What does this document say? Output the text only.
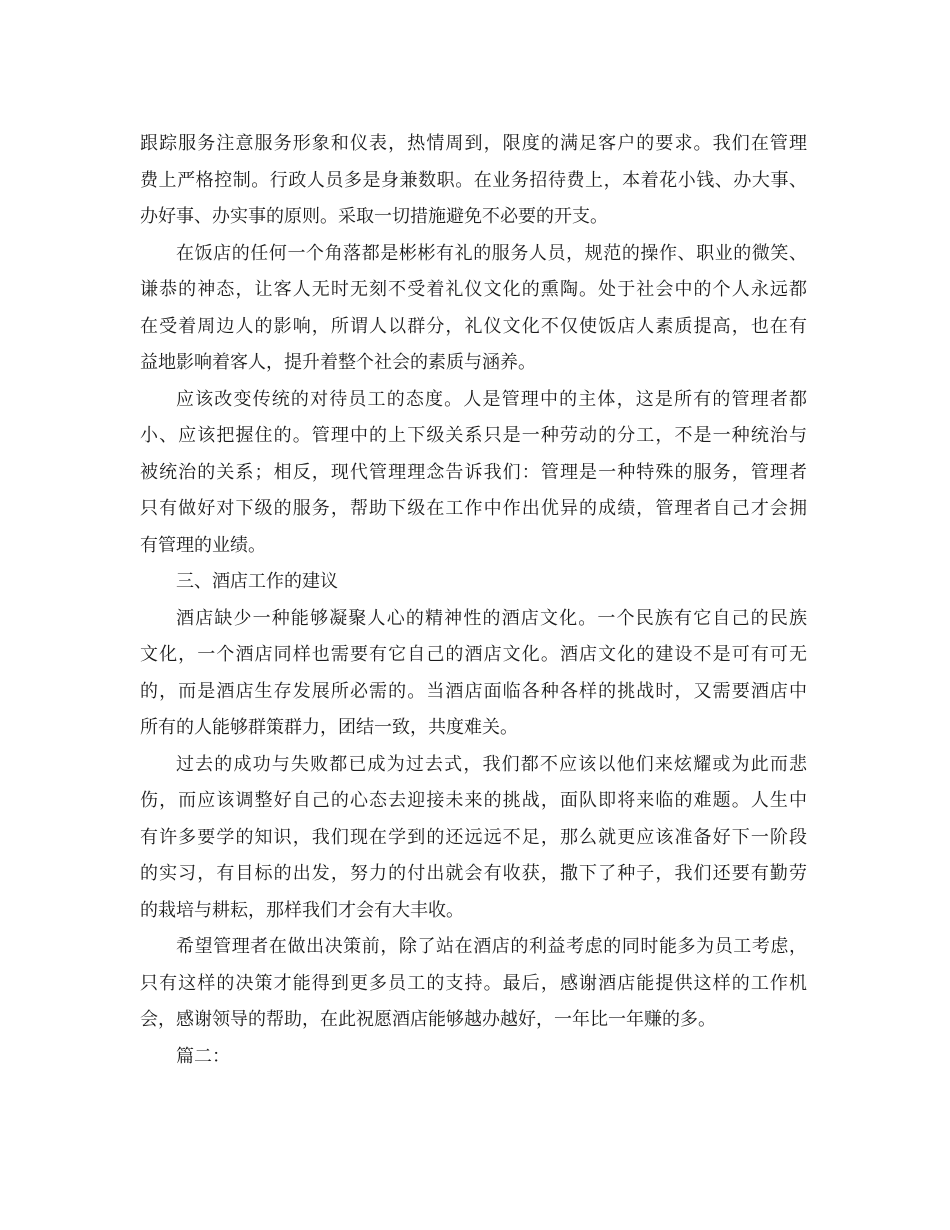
跟踪服务注意服务形象和仪表，热情周到，限度的满足客户的要求。我们在管理
费上严格控制。行政人员多是身兼数职。在业务招待费上，本着花小钱、办大事、
办好事、办实事的原则。采取一切措施避免不必要的开支。
在饭店的任何一个角落都是彬彬有礼的服务人员，规范的操作、职业的微笑、
谦恭的神态，让客人无时无刻不受着礼仪文化的熏陶。处于社会中的个人永远都
在受着周边人的影响，所谓人以群分，礼仪文化不仅使饭店人素质提高，也在有
益地影响着客人，提升着整个社会的素质与涵养。
应该改变传统的对待员工的态度。人是管理中的主体，这是所有的管理者都
小、应该把握住的。管理中的上下级关系只是一种劳动的分工，不是一种统治与
被统治的关系；相反，现代管理理念告诉我们：管理是一种特殊的服务，管理者
只有做好对下级的服务，帮助下级在工作中作出优异的成绩，管理者自己才会拥
有管理的业绩。
三、酒店工作的建议
酒店缺少一种能够凝聚人心的精神性的酒店文化。一个民族有它自己的民族
文化，一个酒店同样也需要有它自己的酒店文化。酒店文化的建设不是可有可无
的，而是酒店生存发展所必需的。当酒店面临各种各样的挑战时，又需要酒店中
所有的人能够群策群力，团结一致，共度难关。
过去的成功与失败都已成为过去式，我们都不应该以他们来炫耀或为此而悲
伤，而应该调整好自己的心态去迎接未来的挑战，面队即将来临的难题。人生中
有许多要学的知识，我们现在学到的还远远不足，那么就更应该准备好下一阶段
的实习，有目标的出发，努力的付出就会有收获，撒下了种子，我们还要有勤劳
的栽培与耕耘，那样我们才会有大丰收。
希望管理者在做出决策前，除了站在酒店的利益考虑的同时能多为员工考虑，
只有这样的决策才能得到更多员工的支持。最后，感谢酒店能提供这样的工作机
会，感谢领导的帮助，在此祝愿酒店能够越办越好，一年比一年赚的多。
篇二：
